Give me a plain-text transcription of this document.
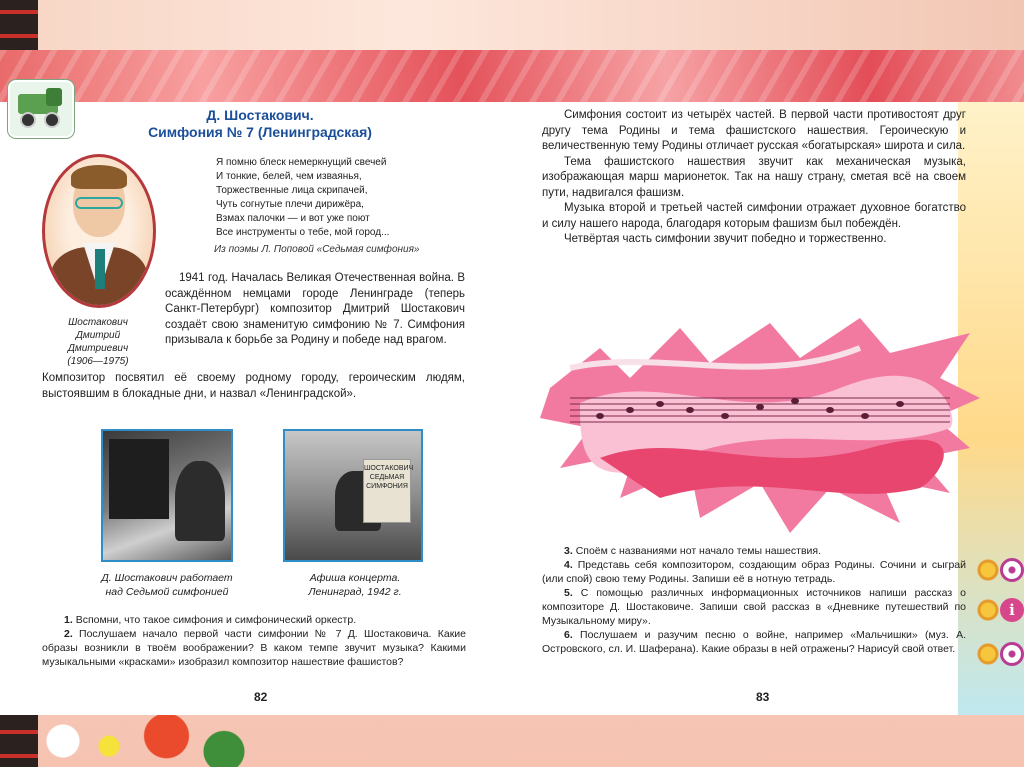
Д. Шостакович.
Симфония № 7 (Ленинградская)
Шостакович
Дмитрий
Дмитриевич
(1906—1975)
Я помню блеск немеркнущий свечей
И тонкие, белей, чем изваянья,
Торжественные лица скрипачей,
Чуть согнутые плечи дирижёра,
Взмах палочки — и вот уже поют
Все инструменты о тебе, мой город...
Из поэмы Л. Поповой «Седьмая симфония»
1941 год. Началась Великая Отечественная война. В осаждённом немцами городе Ленинграде (теперь Санкт-Петербург) композитор Дмитрий Шостакович создаёт свою знаменитую симфонию № 7. Симфония призывала к борьбе за Родину и победе над врагом.
Композитор посвятил её своему родному городу, героическим людям, выстоявшим в блокадные дни, и назвал «Ленинградской».
ШОСТАКОВИЧ СЕДЬМАЯ СИМФОНИЯ
Д. Шостакович работает
над Седьмой симфонией
Афиша концерта.
Ленинград, 1942 г.

1. Вспомни, что такое симфония и симфонический оркестр.

2. Послушаем начало первой части симфонии № 7 Д. Шостаковича. Какие образы возникли в твоём воображении? В каком темпе звучит музыка? Какими музыкальными «красками» изобразил композитор нашествие фашистов?

82

Симфония состоит из четырёх частей. В первой части противостоят друг другу тема Родины и тема фашистского нашествия. Героическую и величественную тему Родины отличает русская «богатырская» широта и сила.

Тема фашистского нашествия звучит как механическая музыка, изображающая марш марионеток. Так на нашу страну, сметая всё на своем пути, надвигался фашизм.

Музыка второй и третьей частей симфонии отражает духовное богатство и силу нашего народа, благодаря которым фашизм был побеждён.

Четвёртая часть симфонии звучит победно и торжественно.

3. Споём с названиями нот начало темы нашествия.

4. Представь себя композитором, создающим образ Родины. Сочини и сыграй (или спой) свою тему Родины. Запиши её в нотную тетрадь.

5. С помощью различных информационных источников напиши рассказ о композиторе Д. Шостаковиче. Запиши свой рассказ в «Дневнике путешествий по Музыкальному миру».

6. Послушаем и разучим песню о войне, например «Мальчишки» (муз. А. Островского, сл. И. Шаферана). Какие образы в ней отражены? Нарисуй свой ответ.

i
83
